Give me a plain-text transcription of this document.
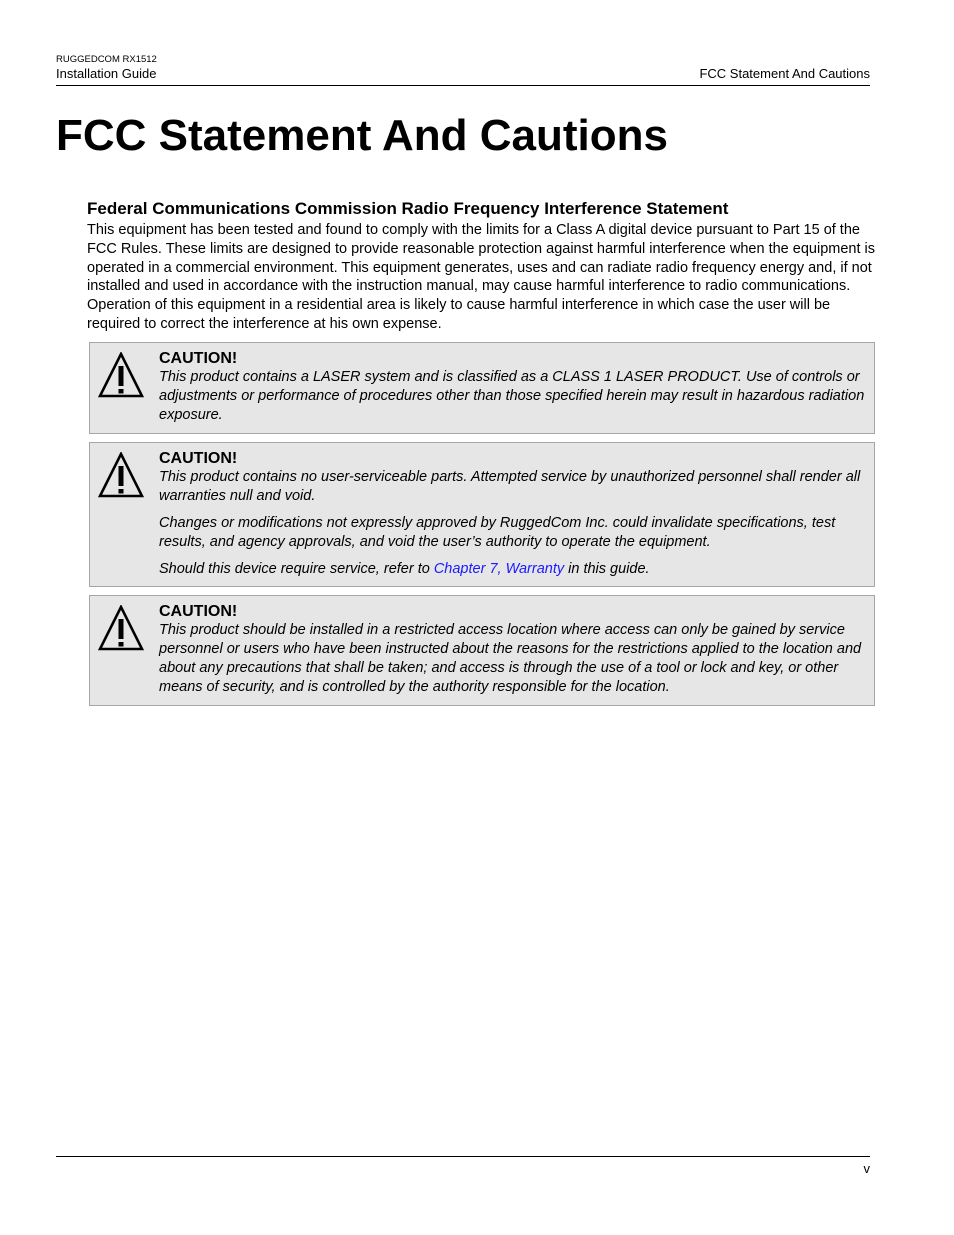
RUGGEDCOM RX1512
Installation Guide	FCC Statement And Cautions
FCC Statement And Cautions
Federal Communications Commission Radio Frequency Interference Statement

This equipment has been tested and found to comply with the limits for a Class A digital device pursuant to Part 15 of the FCC Rules. These limits are designed to provide reasonable protection against harmful interference when the equipment is operated in a commercial environment. This equipment generates, uses and can radiate radio frequency energy and, if not installed and used in accordance with the instruction manual, may cause harmful interference to radio communications. Operation of this equipment in a residential area is likely to cause harmful interference in which case the user will be required to correct the interference at his own expense.

CAUTION!

This product contains a LASER system and is classified as a CLASS 1 LASER PRODUCT. Use of controls or adjustments or performance of procedures other than those specified herein may result in hazardous radiation exposure.

CAUTION!

This product contains no user-serviceable parts. Attempted service by unauthorized personnel shall render all warranties null and void.

Changes or modifications not expressly approved by RuggedCom Inc. could invalidate specifications, test results, and agency approvals, and void the user’s authority to operate the equipment.

Should this device require service, refer to Chapter 7, Warranty in this guide.

CAUTION!

This product should be installed in a restricted access location where access can only be gained by service personnel or users who have been instructed about the reasons for the restrictions applied to the location and about any precautions that shall be taken; and access is through the use of a tool or lock and key, or other means of security, and is controlled by the authority responsible for the location.

v
